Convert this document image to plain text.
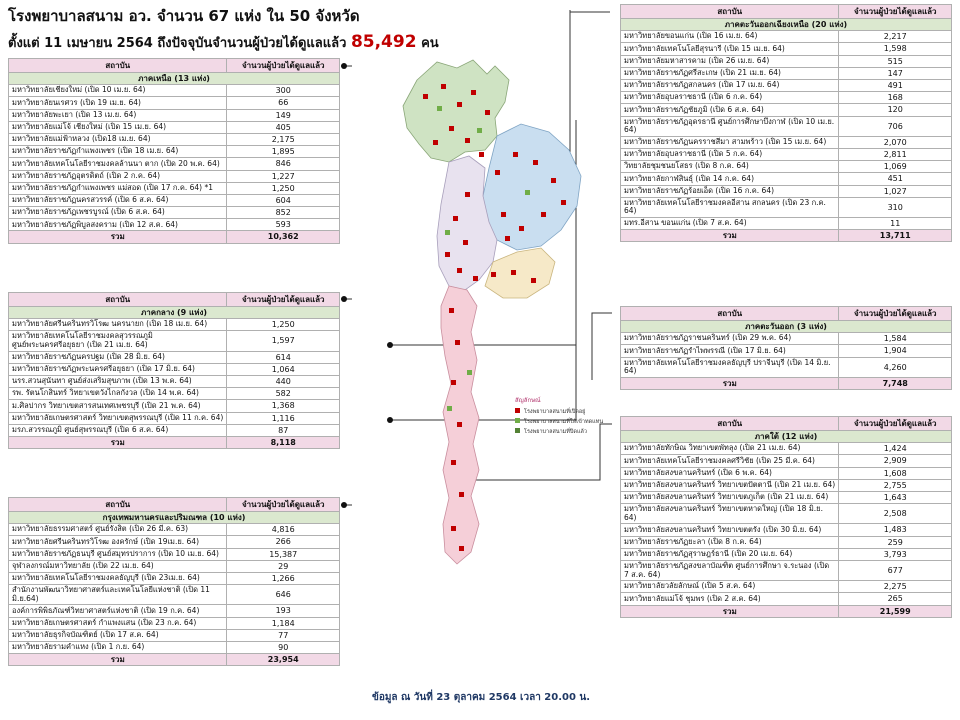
โรงพยาบาลสนาม อว. จำนวน 67 แห่ง ใน 50 จังหวัด
ตั้งแต่ 11 เมษายน 2564 ถึงปัจจุบันจำนวนผู้ป่วยได้ดูแลแล้ว 85,492 คน
สัญลักษณ์
โรงพยาบาลสนามที่เปิดอยู่
โรงพยาบาลสนามที่ให้เข้าทดแทน
โรงพยาบาลสนามที่ปิดแล้ว
ข้อมูล ณ วันที่ 23 ตุลาคม 2564 เวลา 20.00 น.
สถาบัน	จำนวนผู้ป่วยได้ดูแลแล้ว
ภาคเหนือ (13 แห่ง)	
มหาวิทยาลัยเชียงใหม่ (เปิด 10 เม.ย. 64)	300
มหาวิทยาลัยนเรศวร (เปิด 19 เม.ย. 64)	66
มหาวิทยาลัยพะเยา (เปิด 13 เม.ย. 64)	149
มหาวิทยาลัยแม่โจ้ เชียงใหม่ (เปิด 15 เม.ย. 64)	405
มหาวิทยาลัยแม่ฟ้าหลวง (เปิด18 เม.ย. 64)	2,175
มหาวิทยาลัยราชภัฏกำแพงเพชร (เปิด 18 เม.ย. 64)	1,895
มหาวิทยาลัยเทคโนโลยีราชมงคลล้านนา ตาก (เปิด 20 พ.ค. 64)	846
มหาวิทยาลัยราชภัฏอุตรดิตถ์ (เปิด 2 ก.ค. 64)	1,227
มหาวิทยาลัยราชภัฏกำแพงเพชร แม่สอด (เปิด 17 ก.ค. 64) *1	1,250
มหาวิทยาลัยราชภัฏนครสวรรค์ (เปิด 6 ส.ค. 64)	604
มหาวิทยาลัยราชภัฏเพชรบูรณ์ (เปิด 6 ส.ค. 64)	852
มหาวิทยาลัยราชภัฏพิบูลสงคราม (เปิด 12 ส.ค. 64)	593
รวม	10,362
สถาบัน	จำนวนผู้ป่วยได้ดูแลแล้ว
ภาคกลาง (9 แห่ง)	
มหาวิทยาลัยศรีนครินทรวิโรฒ นครนายก (เปิด 18 เม.ย. 64)	1,250
มหาวิทยาลัยเทคโนโลยีราชมงคลสุวรรณภูมิ
ศูนย์พระนครศรีอยุธยา (เปิด 21 เม.ย. 64)	1,597
มหาวิทยาลัยราชภัฏนครปฐม (เปิด 28 มิ.ย. 64)	614
มหาวิทยาลัยราชภัฏพระนครศรีอยุธยา (เปิด 17 มิ.ย. 64)	1,064
นรร.สวนสุนันทา ศูนย์ส่งเสริมสุขภาพ (เปิด 13 พ.ค. 64)	440
รพ. รัตนโกสินทร์ วิทยาเขตวังไกลกังวล (เปิด 14 พ.ค. 64)	582
ม.ศิลปากร วิทยาเขตสารสนเทศเพชรบุรี (เปิด 21 พ.ค. 64)	1,368
มหาวิทยาลัยเกษตรศาสตร์ วิทยาเขตสุพรรณบุรี (เปิด 11 ก.ค. 64)	1,116
มรภ.สวรรณภูมิ ศูนย์สุพรรณบุรี (เปิด 6 ส.ค. 64)	87
รวม	8,118
สถาบัน	จำนวนผู้ป่วยได้ดูแลแล้ว
กรุงเทพมหานครและปริมณฑล (10 แห่ง)	
มหาวิทยาลัยธรรมศาสตร์ ศูนย์รังสิต (เปิด 26 มี.ค. 63)	4,816
มหาวิทยาลัยศรีนครินทรวิโรฒ องครักษ์ (เปิด 19เม.ย. 64)	266
มหาวิทยาลัยราชภัฏธนบุรี ศูนย์สมุทรปราการ (เปิด 10 เม.ย. 64)	15,387
จุฬาลงกรณ์มหาวิทยาลัย (เปิด 22 เม.ย. 64)	29
มหาวิทยาลัยเทคโนโลยีราชมงคลธัญบุรี (เปิด 23เม.ย. 64)	1,266
สำนักงานพัฒนาวิทยาศาสตร์และเทคโนโลยีแห่งชาติ (เปิด 11 มิ.ย.64)	646
องค์การพิพิธภัณฑ์วิทยาศาสตร์แห่งชาติ (เปิด 19 ก.ค. 64)	193
มหาวิทยาลัยเกษตรศาสตร์ กำแพงแสน (เปิด 23 ก.ค. 64)	1,184
มหาวิทยาลัยธุรกิจบัณฑิตย์ (เปิด 17 ส.ค. 64)	77
มหาวิทยาลัยรามคำแหง (เปิด 1 ก.ย. 64)	90
รวม	23,954
สถาบัน	จำนวนผู้ป่วยได้ดูแลแล้ว
ภาคตะวันออกเฉียงเหนือ (20 แห่ง)	
มหาวิทยาลัยขอนแก่น (เปิด 16 เม.ย. 64)	2,217
มหาวิทยาลัยเทคโนโลยีสุรนารี (เปิด 15 เม.ย. 64)	1,598
มหาวิทยาลัยมหาสารคาม (เปิด 26 เม.ย. 64)	515
มหาวิทยาลัยราชภัฏศรีสะเกษ (เปิด 21 เม.ย. 64)	147
มหาวิทยาลัยราชภัฏสกลนคร (เปิด 17 เม.ย. 64)	491
มหาวิทยาลัยอุบลราชธานี (เปิด 6 ก.ค. 64)	168
มหาวิทยาลัยราชภัฏชัยภูมิ (เปิด 6 ส.ค. 64)	120
มหาวิทยาลัยราชภัฏอุดรธานี ศูนย์การศึกษาบึงกาฬ (เปิด 10 เม.ย. 64)	706
มหาวิทยาลัยราชภัฏนครราชสีมา สามพร้าว (เปิด 15 เม.ย. 64)	2,070
มหาวิทยาลัยอุบลราชธานี (เปิด 5 ก.ค. 64)	2,811
วิทยาลัยชุมชนยโสธร (เปิด 8 ก.ค. 64)	1,069
มหาวิทยาลัยกาฬสินธุ์ (เปิด 14 ก.ค. 64)	451
มหาวิทยาลัยราชภัฏร้อยเอ็ด (เปิด 16 ก.ค. 64)	1,027
มหาวิทยาลัยเทคโนโลยีราชมงคลอีสาน สกลนคร (เปิด 23 ก.ค. 64)	310
มทร.อีสาน ขอนแก่น (เปิด 7 ส.ค. 64)	11
รวม	13,711
สถาบัน	จำนวนผู้ป่วยได้ดูแลแล้ว
ภาคตะวันออก (3 แห่ง)	
มหาวิทยาลัยราชภัฏราชนครินทร์ (เปิด 29 พ.ค. 64)	1,584
มหาวิทยาลัยราชภัฏรำไพพรรณี (เปิด 17 มิ.ย. 64)	1,904
มหาวิทยาลัยเทคโนโลยีราชมงคลธัญบุรี ปราจีนบุรี (เปิด 14 มิ.ย. 64)	4,260
รวม	7,748
สถาบัน	จำนวนผู้ป่วยได้ดูแลแล้ว
ภาคใต้ (12 แห่ง)	
มหาวิทยาลัยทักษิณ วิทยาเขตพัทลุง (เปิด 21 เม.ย. 64)	1,424
มหาวิทยาลัยเทคโนโลยีราชมงคลศรีวิชัย (เปิด 25 มี.ค. 64)	2,909
มหาวิทยาลัยสงขลานครินทร์ (เปิด 6 พ.ค. 64)	1,608
มหาวิทยาลัยสงขลานครินทร์ วิทยาเขตปัตตานี (เปิด 21 เม.ย. 64)	2,755
มหาวิทยาลัยสงขลานครินทร์ วิทยาเขตภูเก็ต (เปิด 21 เม.ย. 64)	1,643
มหาวิทยาลัยสงขลานครินทร์ วิทยาเขตหาดใหญ่ (เปิด 18 มิ.ย. 64)	2,508
มหาวิทยาลัยสงขลานครินทร์ วิทยาเขตตรัง (เปิด 30 มิ.ย. 64)	1,483
มหาวิทยาลัยราชภัฏยะลา (เปิด 8 ก.ค. 64)	259
มหาวิทยาลัยราชภัฏสุราษฎร์ธานี (เปิด 20 เม.ย. 64)	3,793
มหาวิทยาลัยราชภัฏสงขลาบัณฑิต ศูนย์การศึกษา จ.ระนอง (เปิด 7 ส.ค. 64)	677
มหาวิทยาลัยวลัยลักษณ์ (เปิด 5 ส.ค. 64)	2,275
มหาวิทยาลัยแม่โจ้ ชุมพร (เปิด 2 ส.ค. 64)	265
รวม	21,599
